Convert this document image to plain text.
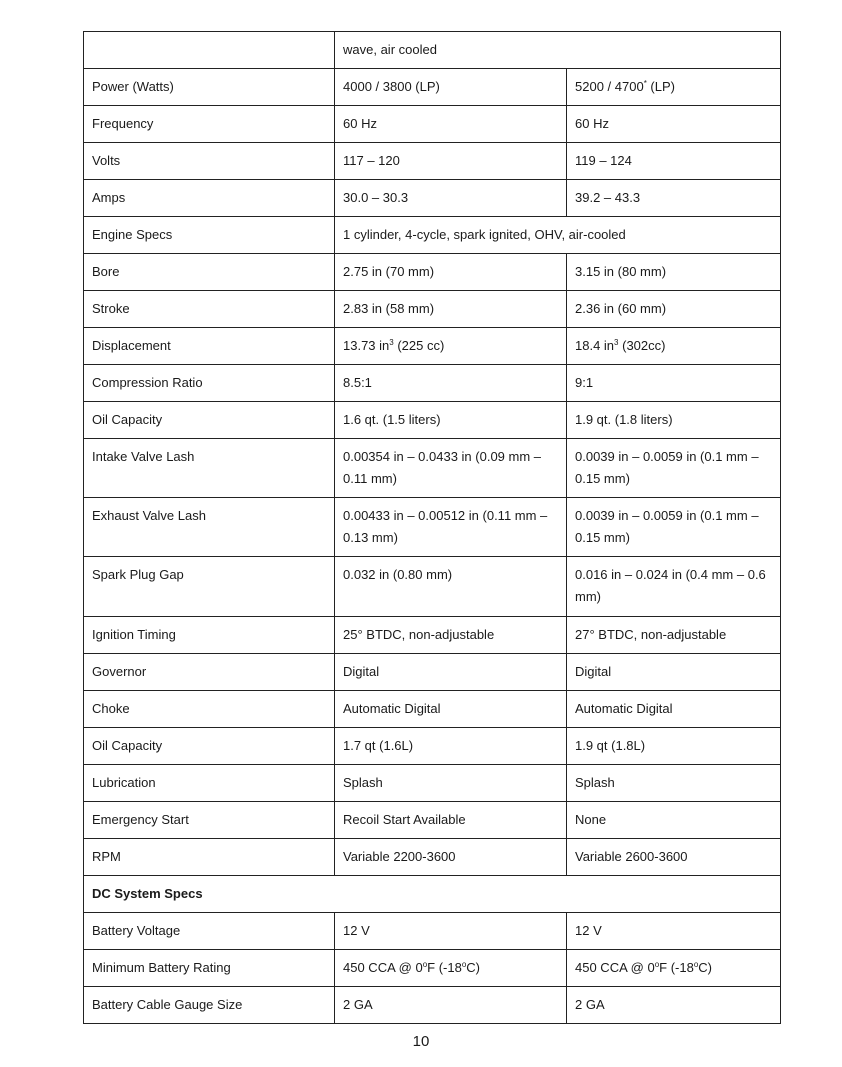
	wave, air cooled	
Power (Watts)	4000 / 3800 (LP)	5200 / 4700* (LP)
Frequency	60 Hz	60 Hz
Volts	117 – 120	119 – 124
Amps	30.0 – 30.3	39.2 – 43.3
Engine Specs	1 cylinder, 4-cycle, spark ignited, OHV, air-cooled	
Bore	2.75 in (70 mm)	3.15 in (80 mm)
Stroke	2.83 in (58 mm)	2.36 in (60 mm)
Displacement	13.73 $in^3$ (225 cc)	18.4 $in^3$ (302cc)
Compression Ratio	8.5:1	9:1
Oil Capacity	1.6 qt. (1.5 liters)	1.9 qt. (1.8 liters)
Intake Valve Lash	0.00354 in – 0.0433 in (0.09 mm – 0.11 mm)	0.0039 in – 0.0059 in (0.1 mm – 0.15 mm)
Exhaust Valve Lash	0.00433 in – 0.00512 in (0.11 mm – 0.13 mm)	0.0039 in – 0.0059 in (0.1 mm – 0.15 mm)
Spark Plug Gap	0.032 in (0.80 mm)	0.016 in – 0.024 in (0.4 mm – 0.6 mm)
Ignition Timing	25° BTDC, non-adjustable	27° BTDC, non-adjustable
Governor	Digital	Digital
Choke	Automatic Digital	Automatic Digital
Oil Capacity	1.7 qt (1.6L)	1.9 qt (1.8L)
Lubrication	Splash	Splash
Emergency Start	Recoil Start Available	None
RPM	Variable 2200-3600	Variable 2600-3600
DC System Specs		
Battery Voltage	12 V	12 V
Minimum Battery Rating	450 CCA @ 0$^o$F (-18$^o$C)	450 CCA @ 0$^o$F (-18$^o$C)
Battery Cable Gauge Size	2 GA	2 GA
10
